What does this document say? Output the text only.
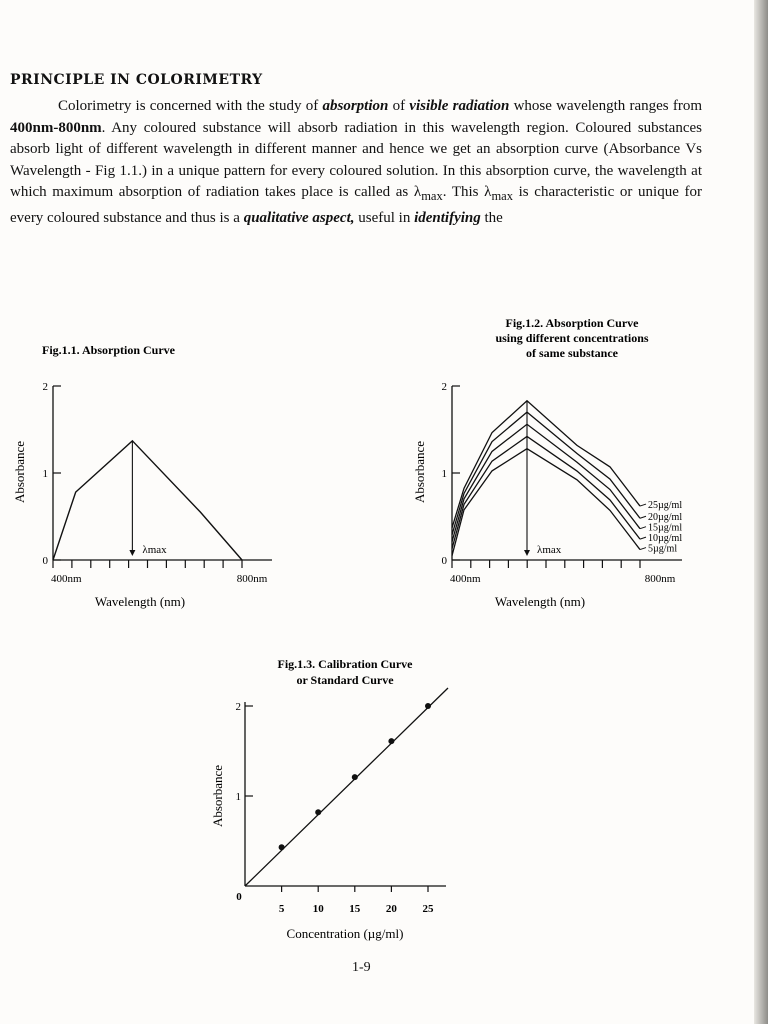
PRINCIPLE IN COLORIMETRY

Colorimetry is concerned with the study of absorption of visible radiation whose wavelength ranges from 400nm-800nm. Any coloured substance will absorb radiation in this wavelength region. Coloured substances absorb light of different wavelength in different manner and hence we get an absorption curve (Absorbance Vs Wavelength - Fig 1.1.) in a unique pattern for every coloured solution. In this absorption curve, the wavelength at which maximum absorption of radiation takes place is called as $\lambda_{max}$. This $\lambda_{max}$ is characteristic or unique for every coloured substance and thus is a qualitative aspect, useful in identifying the

Fig.1.1. Absorption Curve
0
1
2
400nm	800nm
Wavelength (nm)
Absorbance
λmax
Fig.1.2. Absorption Curve
using different concentrations
of same substance
0
1
2
400nm	800nm
Wavelength (nm)
Absorbance
25µg/ml
20µg/ml
15µg/ml
10µg/ml
5µg/ml
λmax
Fig.1.3. Calibration Curve
or Standard Curve
1
2
0
5	10 15 20 25
Concentration (µg/ml)
Absorbance
1-9
